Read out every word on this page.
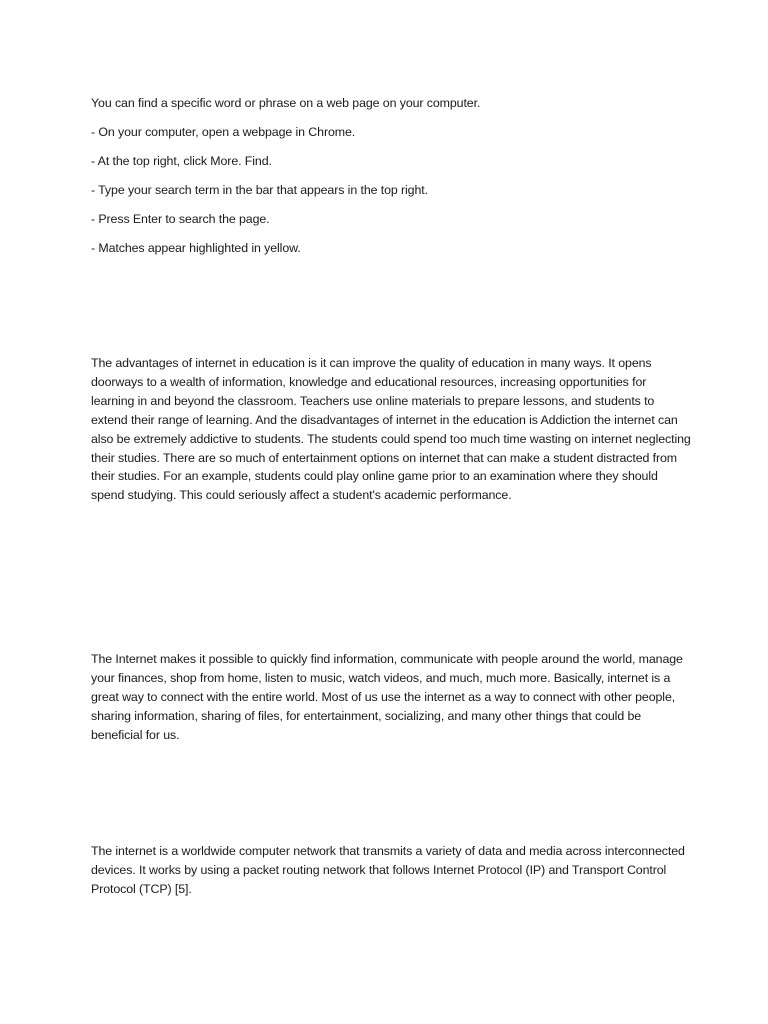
You can find a specific word or phrase on a web page on your computer.
- On your computer, open a webpage in Chrome.
- At the top right, click More. Find.
- Type your search term in the bar that appears in the top right.
- Press Enter to search the page.
- Matches appear highlighted in yellow.

The advantages of internet in education is it can improve the quality of education in many ways. It opens doorways to a wealth of information, knowledge and educational resources, increasing opportunities for learning in and beyond the classroom. Teachers use online materials to prepare lessons, and students to extend their range of learning. And the disadvantages of internet in the education is Addiction the internet can also be extremely addictive to students. The students could spend too much time wasting on internet neglecting their studies. There are so much of entertainment options on internet that can make a student distracted from their studies. For an example, students could play online game prior to an examination where they should spend studying. This could seriously affect a student's academic performance.

The Internet makes it possible to quickly find information, communicate with people around the world, manage your finances, shop from home, listen to music, watch videos, and much, much more. Basically, internet is a great way to connect with the entire world. Most of us use the internet as a way to connect with other people, sharing information, sharing of files, for entertainment, socializing, and many other things that could be beneficial for us.

The internet is a worldwide computer network that transmits a variety of data and media across interconnected devices. It works by using a packet routing network that follows Internet Protocol (IP) and Transport Control Protocol (TCP) [5].
